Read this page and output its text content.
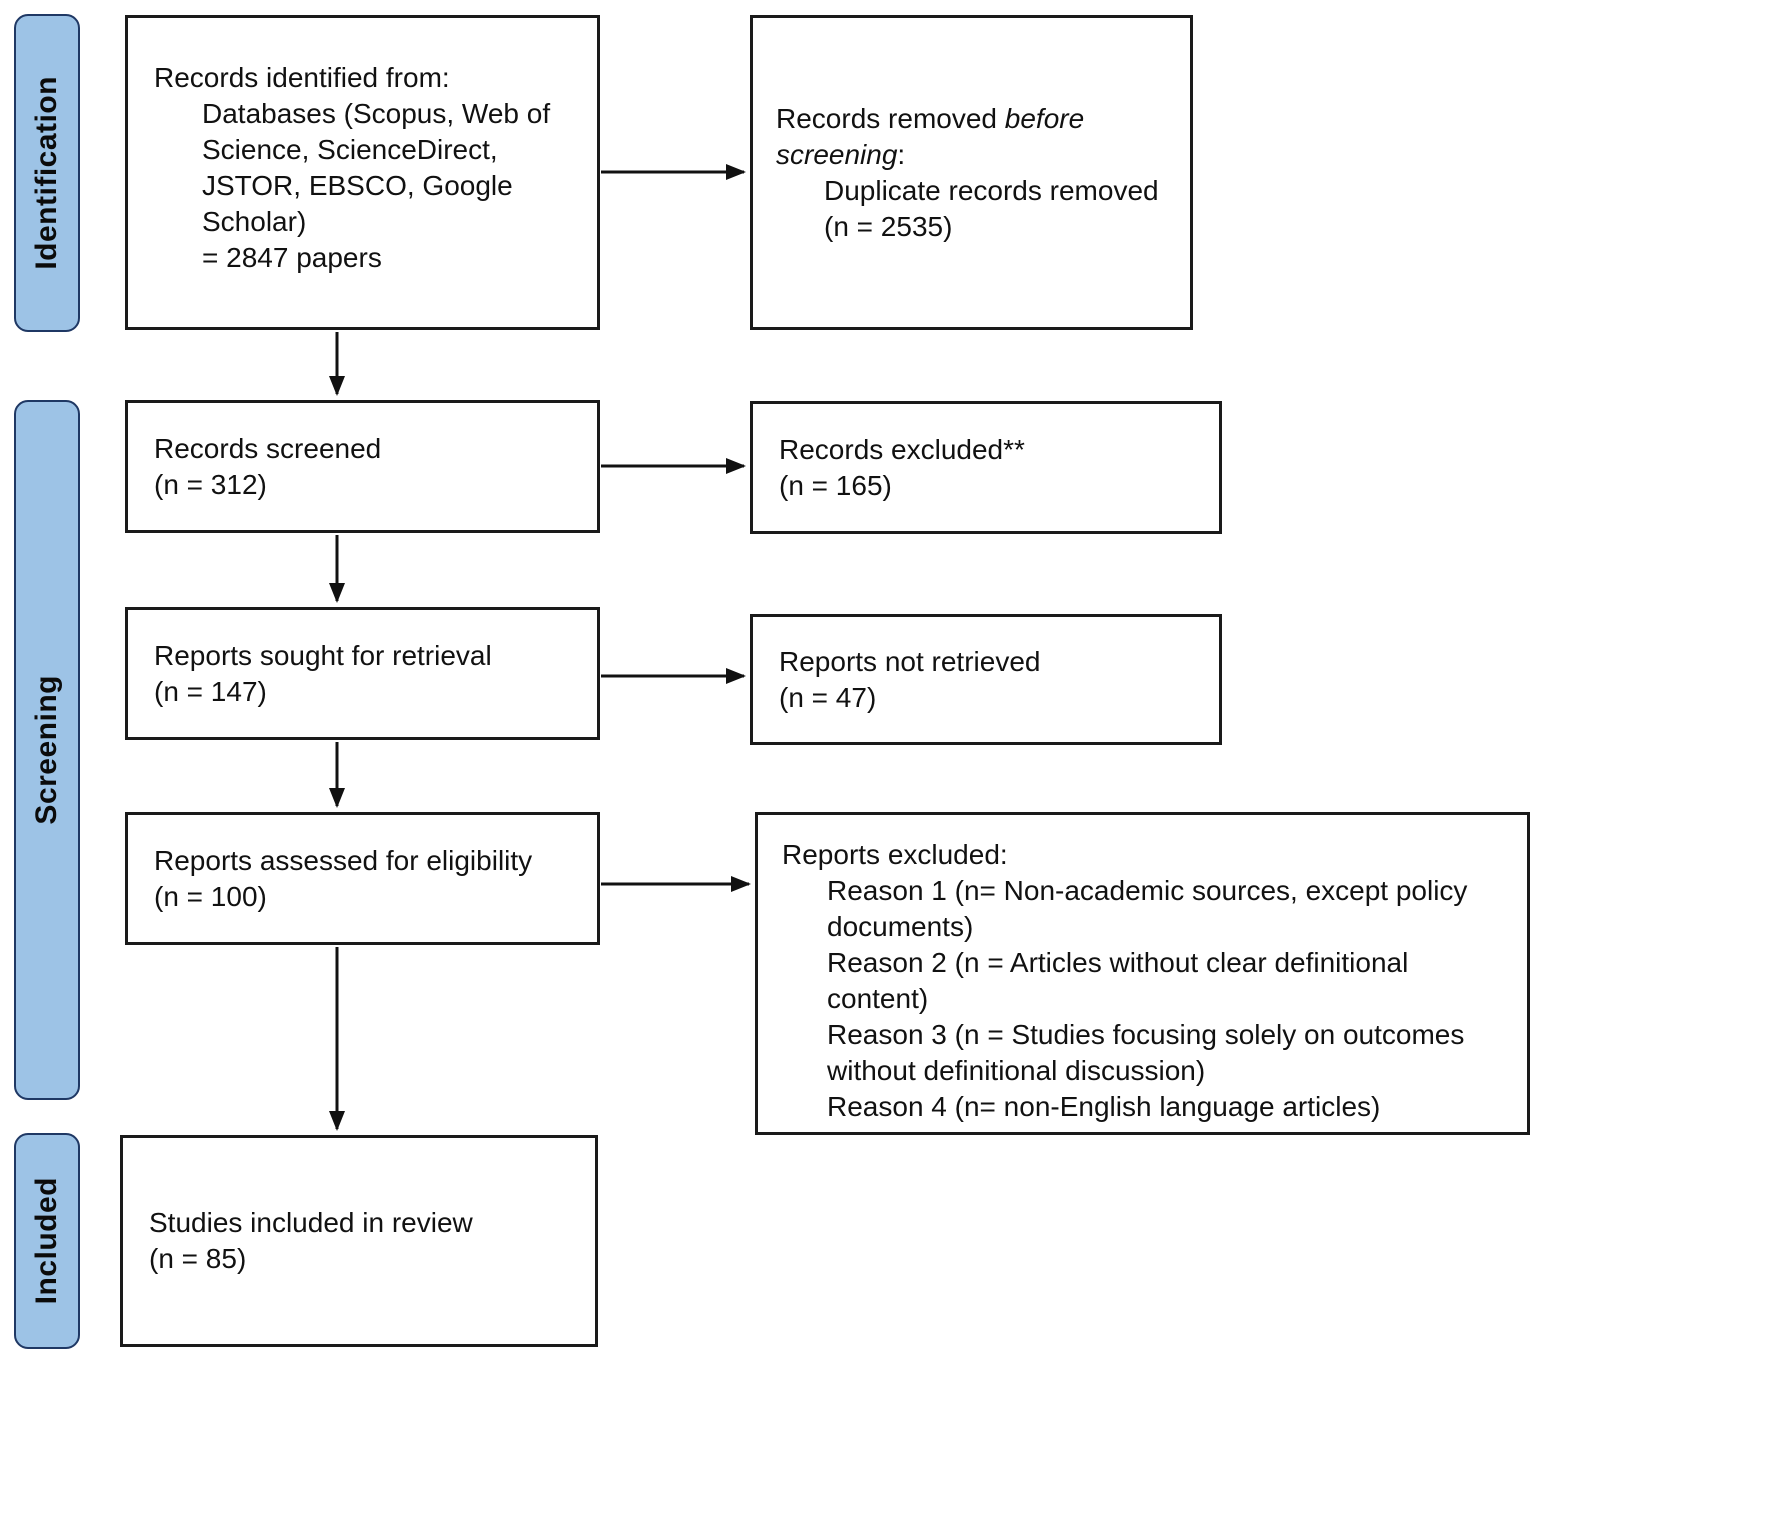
Identification
Screening
Included
Records identified from:
Databases (Scopus, Web of Science, ScienceDirect, JSTOR, EBSCO, Google Scholar)
= 2847 papers
Records screened
(n = 312)
Reports sought for retrieval
(n = 147)
Reports assessed for eligibility
(n = 100)
Studies included in review
(n = 85)
Records removed before screening:
Duplicate records removed (n = 2535)
Records excluded**
(n = 165)
Reports not retrieved
(n = 47)
Reports excluded:
Reason 1 (n= Non-academic sources, except policy documents)
Reason 2 (n = Articles without clear definitional content)
Reason 3 (n = Studies focusing solely on outcomes without definitional discussion)
Reason 4 (n= non-English language articles)
